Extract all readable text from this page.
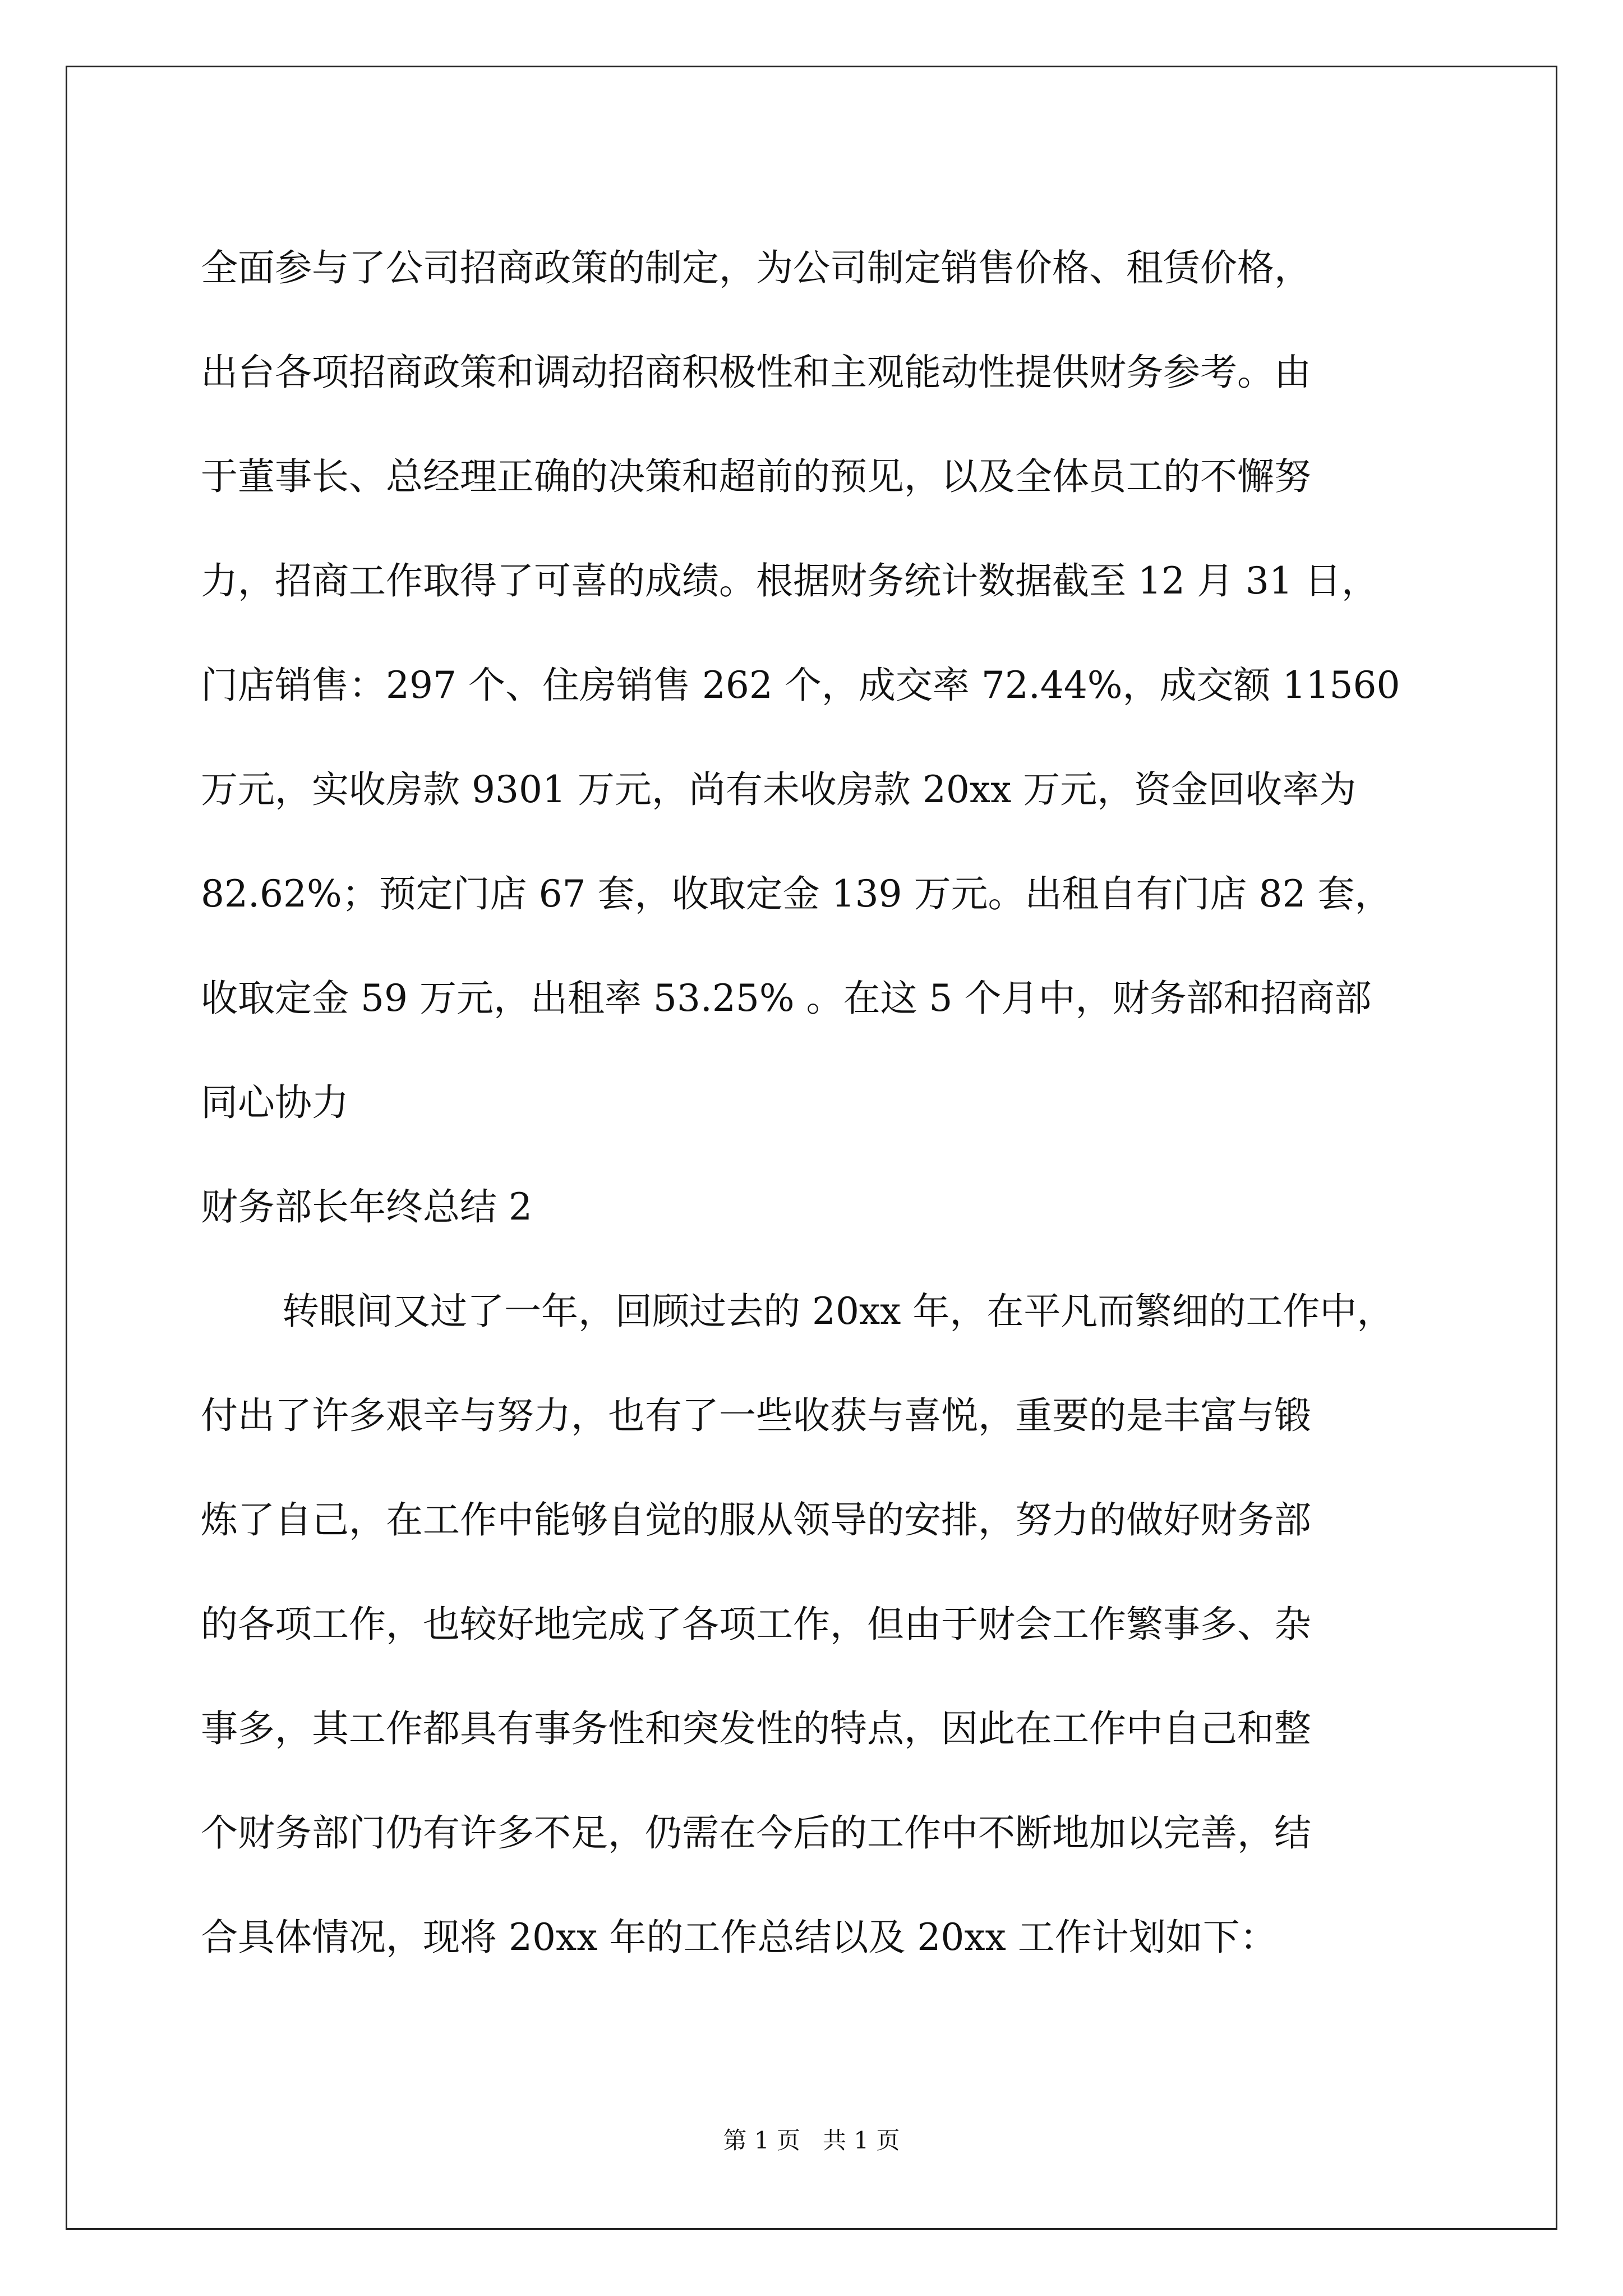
全面参与了公司招商政策的制定，为公司制定销售价格、租赁价格，
出台各项招商政策和调动招商积极性和主观能动性提供财务参考。由
于董事长、总经理正确的决策和超前的预见，以及全体员工的不懈努
力，招商工作取得了可喜的成绩。根据财务统计数据截至 12 月 31 日，
门店销售：297 个、住房销售 262 个，成交率 72.44%，成交额 11560
万元，实收房款 9301 万元，尚有未收房款 20xx 万元，资金回收率为
82.62%；预定门店 67 套，收取定金 139 万元。出租自有门店 82 套，
收取定金 59 万元，出租率 53.25% 。在这 5 个月中，财务部和招商部
同心协力
财务部长年终总结 2
转眼间又过了一年，回顾过去的 20xx 年，在平凡而繁细的工作中，
付出了许多艰辛与努力，也有了一些收获与喜悦，重要的是丰富与锻
炼了自己，在工作中能够自觉的服从领导的安排，努力的做好财务部
的各项工作，也较好地完成了各项工作，但由于财会工作繁事多、杂
事多，其工作都具有事务性和突发性的特点，因此在工作中自己和整
个财务部门仍有许多不足，仍需在今后的工作中不断地加以完善，结
合具体情况，现将 20xx 年的工作总结以及 20xx 工作计划如下：
第 1 页   共 1 页
